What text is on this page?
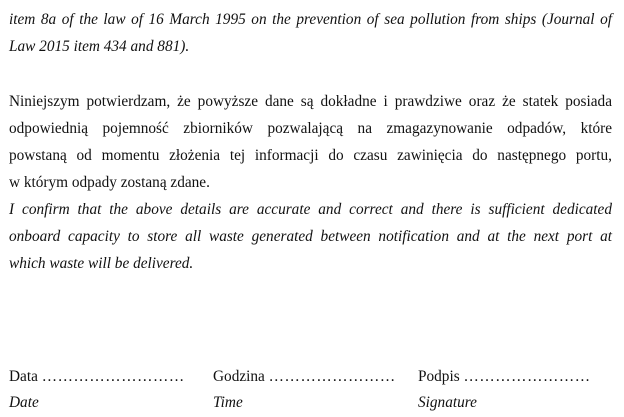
item 8a of the law of 16 March 1995 on the prevention of sea pollution from ships (Journal of
Law 2015 item 434 and 881).
Niniejszym potwierdzam, że powyższe dane są dokładne i prawdziwe oraz że statek posiada
odpowiednią pojemność zbiorników pozwalającą na zmagazynowanie odpadów, które
powstaną od momentu złożenia tej informacji do czasu zawinięcia do następnego portu,
w którym odpady zostaną zdane.
I confirm that the above details are accurate and correct and there is sufficient dedicated
onboard capacity to store all waste generated between notification and at the next port at
which waste will be delivered.
Data ………………………
Date
Godzina ……………………
Time
Podpis ……………………
Signature
